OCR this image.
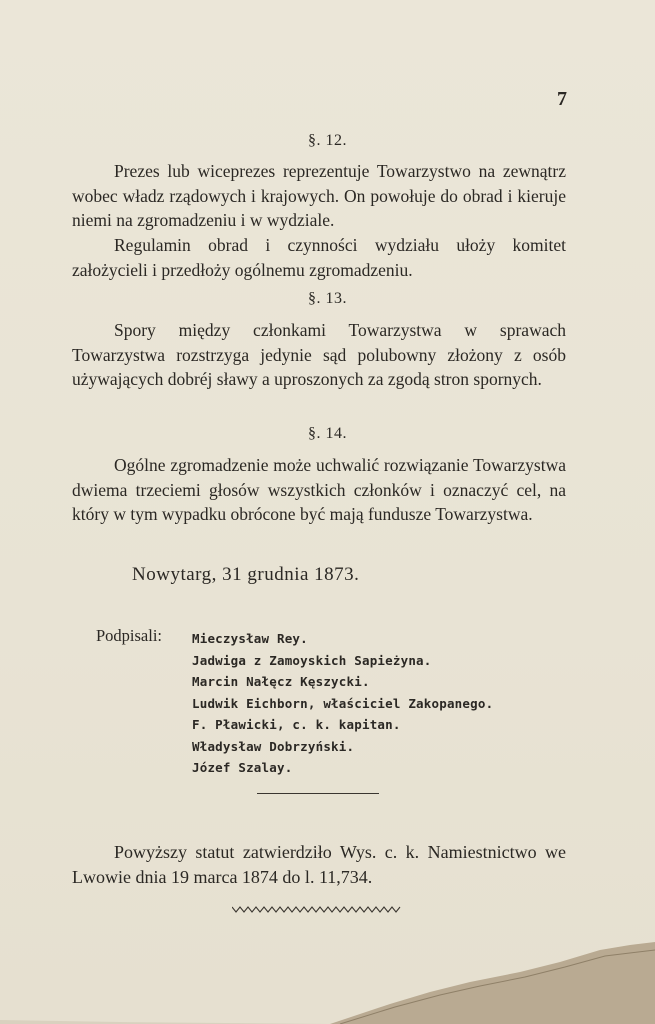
7
§. 12.
Prezes lub wiceprezes reprezentuje Towarzystwo na zewnątrz wobec władz rządowych i krajowych. On powołuje do obrad i kieruje niemi na zgromadzeniu i w wydziale.
Regulamin obrad i czynności wydziału ułoży komitet założycieli i przedłoży ogólnemu zgromadzeniu.
§. 13.
Spory między członkami Towarzystwa w sprawach Towarzystwa rozstrzyga jedynie sąd polubowny złożony z osób używających dobréj sławy a uproszonych za zgodą stron spornych.
§. 14.
Ogólne zgromadzenie może uchwalić rozwiązanie Towarzystwa dwiema trzeciemi głosów wszystkich członków i oznaczyć cel, na który w tym wypadku obrócone być mają fundusze Towarzystwa.
Nowytarg, 31 grudnia 1873.
Podpisali: Mieczysław Rey.
Jadwiga z Zamoyskich Sapieżyna.
Marcin Nałęcz Kęszycki.
Ludwik Eichborn, właściciel Zakopanego.
F. Pławicki, c. k. kapitan.
Władysław Dobrzyński.
Józef Szalay.
Powyższy statut zatwierdziło Wys. c. k. Namiestnictwo we Lwowie dnia 19 marca 1874 do l. 11,734.
